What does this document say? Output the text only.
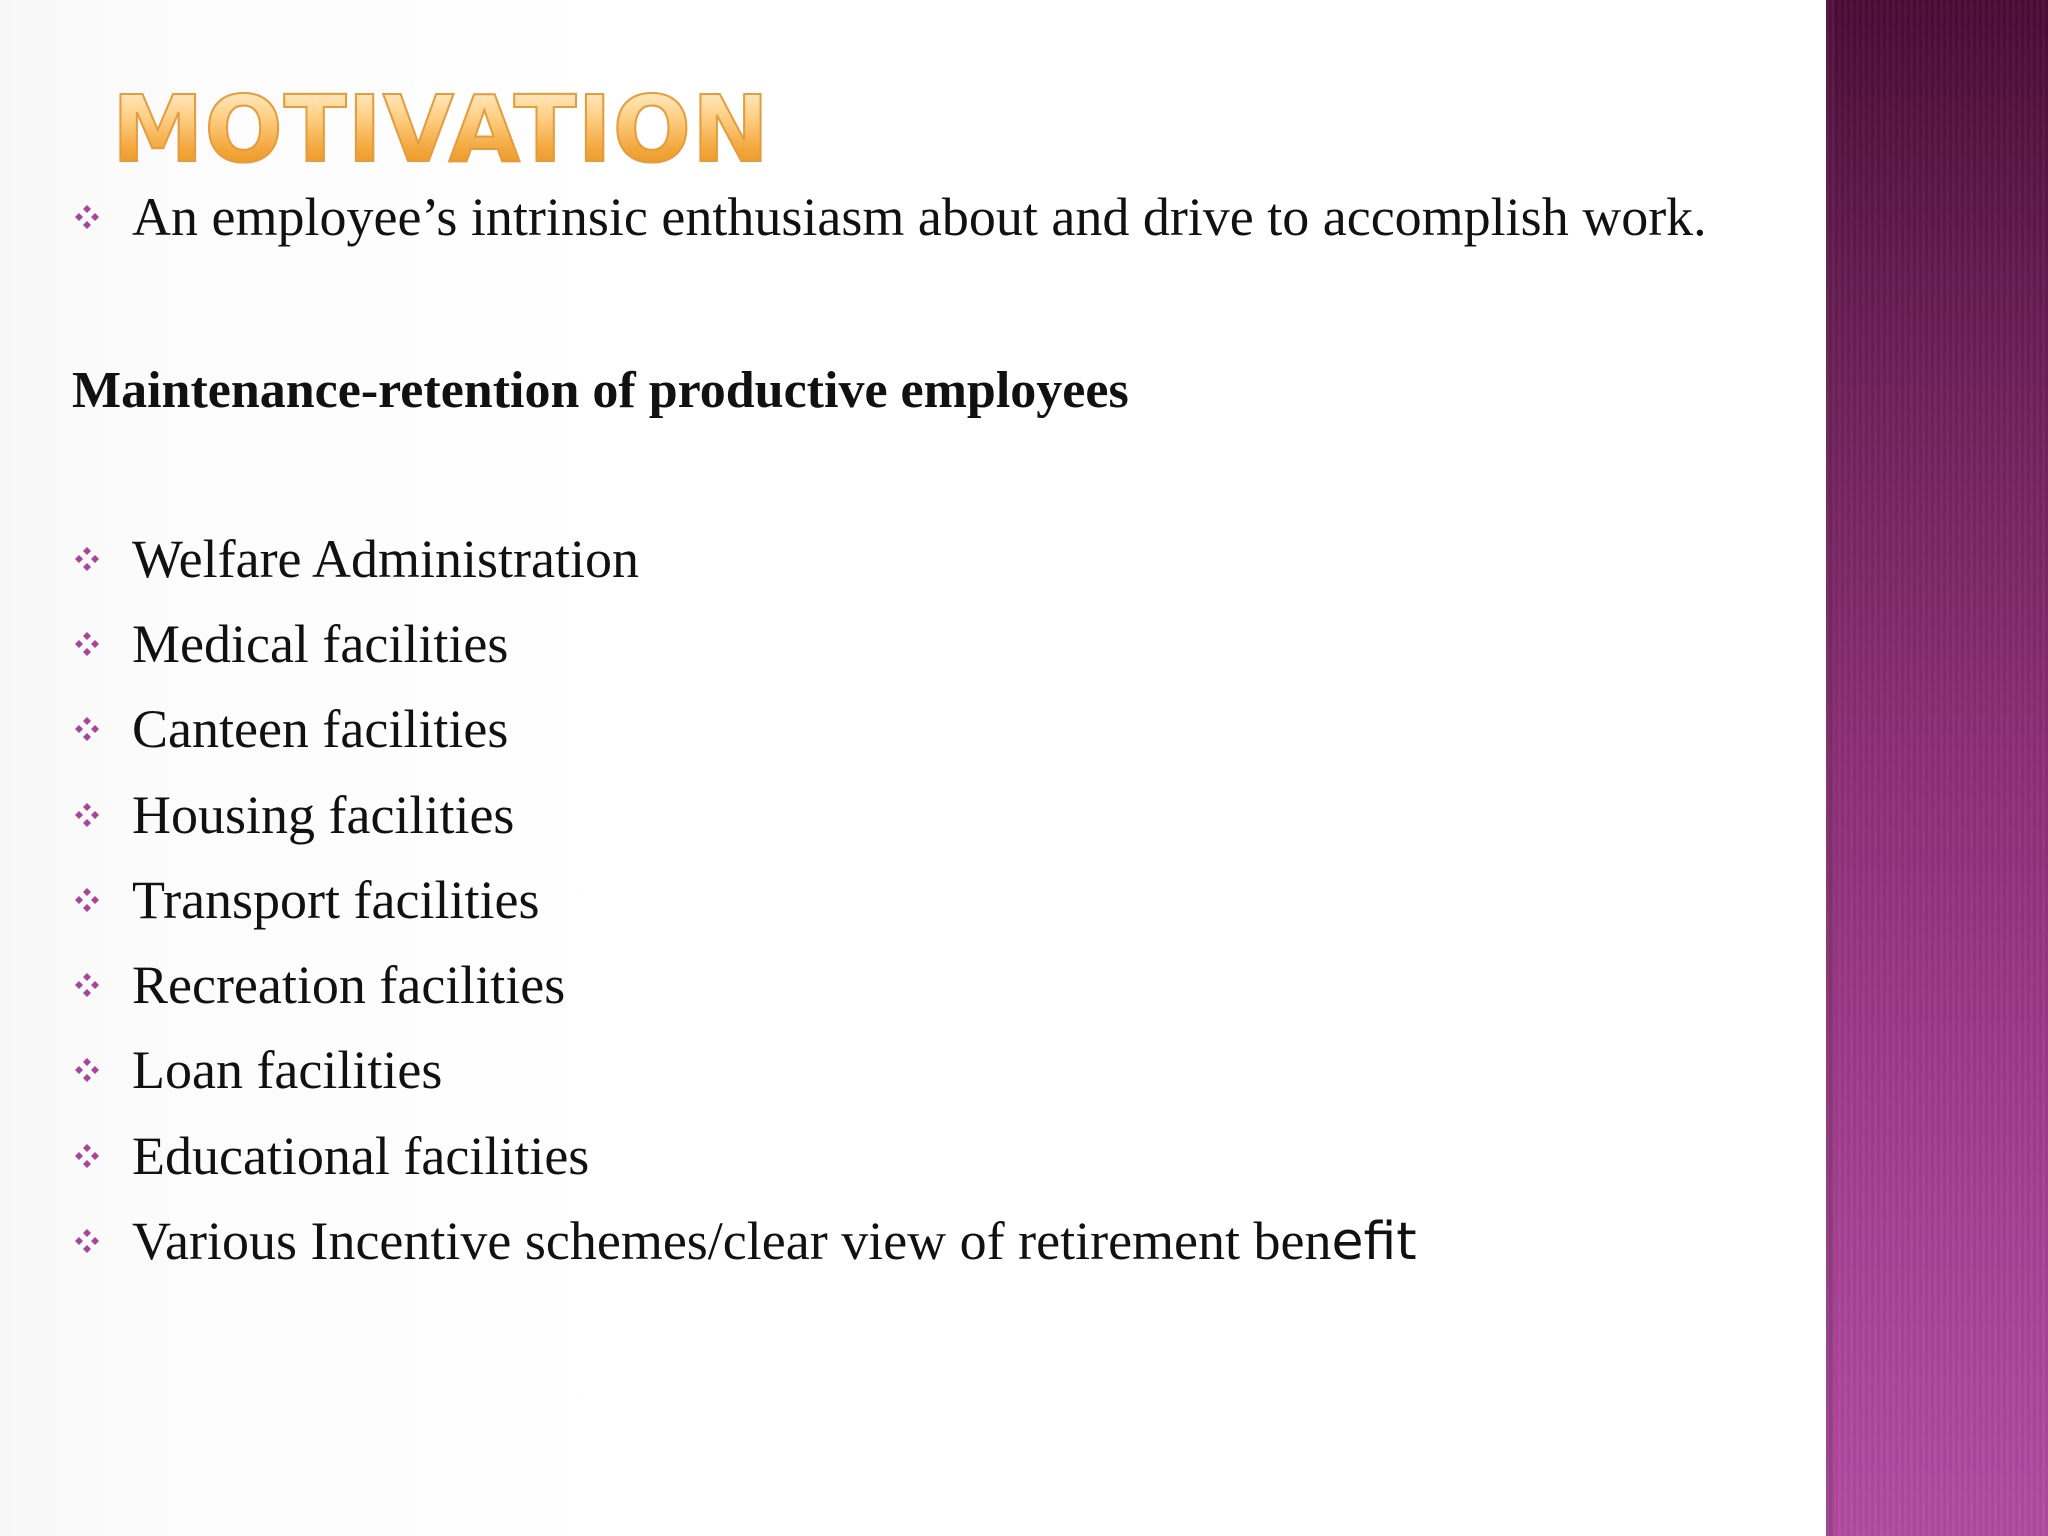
MOTIVATION
An employee’s intrinsic enthusiasm about and drive to accomplish work.
Maintenance-retention of productive employees
Welfare Administration
Medical facilities
Canteen facilities
Housing facilities
Transport facilities
Recreation facilities
Loan facilities
Educational facilities
Various Incentive schemes/clear view of retirement benefit
